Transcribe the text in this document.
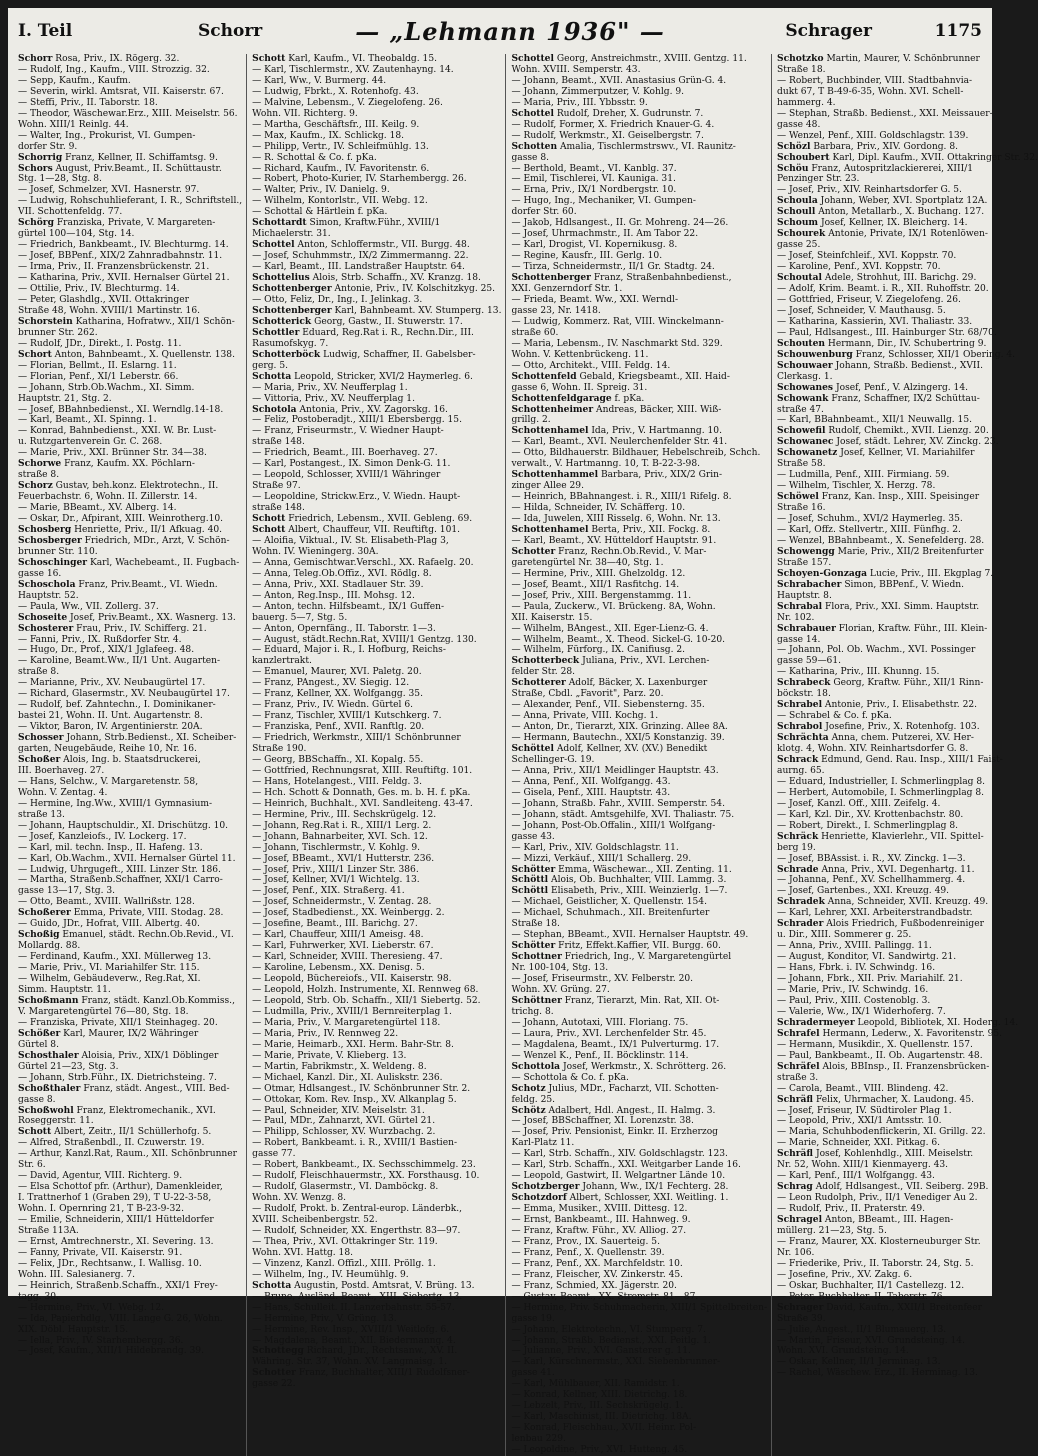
I. Teil	Schorr	— „Lehmann 1936" —	Schrager	1175
Schorr Rosa, Priv., IX. Rögerg. 32.
— Rudolf, Ing., Kaufm., VIII. Strozzig. 32.
— Sepp, Kaufm., Kaufm.
— Severin, wirkl. Amtsrat, VII. Kaiserstr. 67.
— Steffi, Priv., II. Taborstr. 18.
— Theodor, Wäschewar.Erz., XIII. Meiselstr. 56.
Wohn. XIII/1 Reinlg. 44.
— Walter, Ing., Prokurist, VI. Gumpen-
dorfer Str. 9.
Schorrig Franz, Kellner, II. Schiffamtsg. 9.
Schors August, Priv.Beamt., II. Schüttaustr.
Stg. 1—28, Stg. 8.
— Josef, Schmelzer, XVI. Hasnerstr. 97.
— Ludwig, Rohschuhlieferant, I. R., Schriftstell.,
VII. Schottenfeldg. 77.
Schörg Franziska, Private, V. Margareten-
gürtel 100—104, Stg. 14.
— Friedrich, Bankbeamt., IV. Blechturmg. 14.
— Josef, BBPenf., XIX/2 Zahnradbahnstr. 11.
— Irma, Priv., II. Franzensbrückenstr. 21.
— Katharina, Priv., XVII. Hernalser Gürtel 21.
— Ottilie, Priv., IV. Blechturmg. 14.
— Peter, Glashdlg., XVII. Ottakringer
Straße 48, Wohn. XVIII/1 Martinstr. 16.
Schorstein Katharina, Hofratwv., XII/1 Schön-
brunner Str. 262.
— Rudolf, JDr., Direkt., I. Postg. 11.
Schort Anton, Bahnbeamt., X. Quellenstr. 138.
— Florian, Bellmt., II. Eslarng. 11.
— Florian, Penf., XI/1 Leberstr. 66.
— Johann, Strb.Ob.Wachm., XI. Simm.
Hauptstr. 21, Stg. 2.
— Josef, BBahnbedienst., XI. Werndlg.14-18.
— Karl, Beamt., XI. Spinng. 1.
— Konrad, Bahnbedienst., XXI. W. Br. Lust-
u. Rutzgartenverein Gr. C. 268.
— Marie, Priv., XXI. Brünner Str. 34—38.
Schorwe Franz, Kaufm. XX. Pöchlarn-
straße 8.
Schorz Gustav, beh.konz. Elektrotechn., II.
Feuerbachstr. 6, Wohn. II. Zillerstr. 14.
— Marie, BBeamt., XV. Alberg. 14.
— Oskar, Dr., Afpirant, XIII. Weinrotherg.10.
Schosberg Henriette, Priv., II/1 Afkuag. 40.
Schosberger Friedrich, MDr., Arzt, V. Schön-
brunner Str. 110.
Schoschinger Karl, Wachebeamt., II. Fugbach-
gasse 16.
Schoschola Franz, Priv.Beamt., VI. Wiedn.
Hauptstr. 52.
— Paula, Ww., VII. Zollerg. 37.
Schoseite Josef, Priv.Beamt., XX. Wasnerg. 13.
Schosterer Frau, Priv., IV. Schifferg. 21.
— Fanni, Priv., IX. Rußdorfer Str. 4.
— Hugo, Dr., Prof., XIX/1 Jglafeeg. 48.
— Karoline, Beamt.Ww., II/1 Unt. Augarten-
straße 8.
— Marianne, Priv., XV. Neubaugürtel 17.
— Richard, Glasermstr., XV. Neubaugürtel 17.
— Rudolf, bef. Zahntechn., I. Dominikaner-
bastei 21, Wohn. II. Unt. Augartenstr. 8.
— Viktor, Baron, IV. Argentinierstr. 20A.
Schosser Johann, Strb.Bedienst., XI. Scheiber-
garten, Neugebäude, Reihe 10, Nr. 16.
Schoßer Alois, Ing. b. Staatsdruckerei,
III. Boerhaveg. 27.
— Hans, Selchw., V. Margaretenstr. 58,
Wohn. V. Zentag. 4.
— Hermine, Ing.Ww., XVIII/1 Gymnasium-
straße 13.
— Johann, Hauptschuldir., XI. Drischützg. 10.
— Josef, Kanzleiofs., IV. Lockerg. 17.
— Karl, mil. techn. Insp., II. Hafeng. 13.
— Karl, Ob.Wachm., XVII. Hernalser Gürtel 11.
— Ludwig, Uhrgugeft., XIII. Linzer Str. 186.
— Martha, Straßenb.Schaffner, XXI/1 Carro-
gasse 13—17, Stg. 3.
— Otto, Beamt., XVIII. Wallrißstr. 128.
Schoßerer Emma, Private, VIII. Stodag. 28.
— Guido, JDr., Hofrat, VIII. Albertg. 40.
Schoßig Emanuel, städt. Rechn.Ob.Revid., VI.
Mollardg. 88.
— Ferdinand, Kaufm., XXI. Müllerweg 13.
— Marie, Priv., VI. Mariahilfer Str. 115.
— Wilhelm, Gebäudeverw., Reg.Rat, XI.
Simm. Hauptstr. 11.
Schoßmann Franz, städt. Kanzl.Ob.Kommiss.,
V. Margaretengürtel 76—80, Stg. 18.
— Franziska, Private, XII/1 Steinhageg. 20.
Schößer Karl, Maurer, IX/2 Währinger
Gürtel 8.
Schosthaler Aloisia, Priv., XIX/1 Döblinger
Gürtel 21—23, Stg. 3.
— Johann, Strb.Führ., IX. Dietrichsteing. 7.
Schoßthaler Franz, städt. Angest., VIII. Bed-
gasse 8.
Schoßwohl Franz, Elektromechanik., XVI.
Roseggerstr. 11.
Schott Albert, Zeitr., II/1 Schüllerhofg. 5.
— Alfred, Straßenbdl., II. Czuwerstr. 19.
— Arthur, Kanzl.Rat, Raum., XII. Schönbrunner
Str. 6.
— David, Agentur, VIII. Richterg. 9.
— Elsa Schottof pfr. (Arthur), Damenkleider,
I. Trattnerhof 1 (Graben 29), T U-22-3-58,
Wohn. I. Opernring 21, T B-23-9-32.
— Emilie, Schneiderin, XIII/1 Hütteldorfer
Straße 113A.
— Ernst, Amtrechnerstr., XI. Severing. 13.
— Fanny, Private, VII. Kaiserstr. 91.
— Felix, JDr., Rechtsanw., I. Wallisg. 10.
Wohn. III. Salesianerg. 7.
— Heinrich, Straßenb.Schaffn., XXI/1 Frey-
tagg. 30.
— Hermine, Priv., VI. Webg. 12.
— Ida, Papierhdlg., VIII. Lange G. 26, Wohn.
XIX. Döbl. Hauptstr. 15.
— Iella, Priv., IV. Starhembergg. 36.
— Josef, Kaufm., XIII/1 Hildebrandg. 39.
Schott Karl, Kaufm., VI. Theobaldg. 15.
— Karl, Tischlermstr., XV. Zautenhayng. 14.
— Karl, Ww., V. Burmerg. 44.
— Ludwig, Fbrkt., X. Rotenhofg. 43.
— Malvine, Lebensm., V. Ziegelofeng. 26.
Wohn. VII. Richterg. 9.
— Martha, Geschäftsfr., III. Keilg. 9.
— Max, Kaufm., IX. Schlickg. 18.
— Philipp, Vertr., IV. Schleifmühlg. 13.
— R. Schottal & Co. f. pKa.
— Richard, Kaufm., IV. Favoritenstr. 6.
— Robert, Photo-Kurier, IV. Starhembergg. 26.
— Walter, Priv., IV. Danielg. 9.
— Wilhelm, Kontorlstr., VII. Webg. 12.
— Schottal & Härtlein f. pKa.
Schottardt Simon, Kraftw.Führ., XVIII/1
Michaelerstr. 31.
Schottel Anton, Schloffermstr., VII. Burgg. 48.
— Josef, Schuhmmstr., IX/2 Zimmermanng. 22.
— Karl, Beamt., III. Landstraßer Hauptstr. 64.
Schottelius Alois, Strb. Schaffn., XV. Kranzg. 18.
Schottenberger Antonie, Priv., IV. Kolschitzkyg. 25.
— Otto, Feliz, Dr., Ing., I. Jelinkag. 3.
Schottenberger Karl, Bahnbeamt. XV. Stumperg. 13.
Schotterick Georg, Gastw., II. Stuwerstr. 17.
Schottler Eduard, Reg.Rat i. R., Rechn.Dir., III.
Rasumofskyg. 7.
Schotterböck Ludwig, Schaffner, II. Gabelsber-
gerg. 5.
Schotta Leopold, Stricker, XVI/2 Haymerleg. 6.
— Maria, Priv., XV. Neufferplag 1.
— Vittoria, Priv., XV. Neufferplag 1.
Schotola Antonia, Priv., XV. Zagorskg. 16.
— Feliz, Postoberadjt., XIII/1 Ebersbergg. 15.
— Franz, Friseurmstr., V. Wiedner Haupt-
straße 148.
— Friedrich, Beamt., III. Boerhaveg. 27.
— Karl, Postangest., IX. Simon Denk-G. 11.
— Leopold, Schlosser, XVIII/1 Währinger
Straße 97.
— Leopoldine, Strickw.Erz., V. Wiedn. Haupt-
straße 148.
Schott Friedrich, Lebensm., XVII. Gebleng. 69.
Schott Albert, Chauffeur, VII. Reuftiftg. 101.
— Aloifia, Viktual., IV. St. Elisabeth-Plag 3,
Wohn. IV. Wieningerg. 30A.
— Anna, Gemischtwar.Verschl., XX. Rafaelg. 20.
— Anna, Teleg.Ob.Offiz., XVI. Rödlg. 8.
— Anna, Priv., XXI. Stadlauer Str. 39.
— Anton, Reg.Insp., III. Mohsg. 12.
— Anton, techn. Hilfsbeamt., IX/1 Guffen-
bauerg. 5—7, Stg. 5.
— Anton, Opernfäng., II. Taborstr. 1—3.
— August, städt.Rechn.Rat, XVIII/1 Gentzg. 130.
— Eduard, Major i. R., I. Hofburg, Reichs-
kanzlertrakt.
— Emanuel, Maurer, XVI. Paletg. 20.
— Franz, PAngest., XV. Siegig. 12.
— Franz, Kellner, XX. Wolfgangg. 35.
— Franz, Priv., IV. Wiedn. Gürtel 6.
— Franz, Tischler, XVIII/1 Kutschkerg. 7.
— Franziska, Penf., XVII. Ranftlg. 20.
— Friedrich, Werkmstr., XIII/1 Schönbrunner
Straße 190.
— Georg, BBSchaffn., XI. Kopalg. 55.
— Gottfried, Rechnungsrat, XIII. Reuftiftg. 101.
— Hans, Hotelangest., VIII. Feldg. 3.
— Hch. Schott & Donnath, Ges. m. b. H. f. pKa.
— Heinrich, Buchhalt., XVI. Sandleiteng. 43-47.
— Hermine, Priv., III. Sechskrügelg. 12.
— Johann, Reg.Rat i. R., XIII/1 Lerg. 2.
— Johann, Bahnarbeiter, XVI. Sch. 12.
— Johann, Tischlermstr., V. Kohlg. 9.
— Josef, BBeamt., XVI/1 Hutterstr. 236.
— Josef, Priv., XIII/1 Linzer Str. 386.
— Josef, Kellner, XVI/1 Wichtelg. 13.
— Josef, Penf., XIX. Straßerg. 41.
— Josef, Schneidermstr., V. Zentag. 28.
— Josef, Stadbedienst., XX. Weinbergg. 2.
— Josefine, Beamt., III. Barichg. 27.
— Karl, Chauffeur, XIII/1 Ameisg. 48.
— Karl, Fuhrwerker, XVI. Lieberstr. 67.
— Karl, Schneider, XVIII. Theresieng. 47.
— Karoline, Lebensm., XX. Denisg. 5.
— Leopold, Büchereiofs., VII. Kaiserstr. 98.
— Leopold, Holzh. Instrumente, XI. Rennweg 68.
— Leopold, Strb. Ob. Schaffn., XII/1 Siebertg. 52.
— Ludmilla, Priv., XVIII/1 Bernreiterplag 1.
— Maria, Priv., V. Margaretengürtel 118.
— Maria, Priv., IV. Rennweg 22.
— Marie, Heimarb., XXI. Herm. Bahr-Str. 8.
— Marie, Private, V. Klieberg. 13.
— Martin, Fabrikmstr., X. Weldeng. 8.
— Michael, Kanzl. Dir., XI. Auliskstr. 236.
— Otmar, Hdlsangest., IV. Schönbrunner Str. 2.
— Ottokar, Kom. Rev. Insp., XV. Alkanplag 5.
— Paul, Schneider, XIV. Meiselstr. 31.
— Paul, MDr., Zahnarzt, XVI. Gürtel 21.
— Philipp, Schlosser, XV. Wurzbachg. 2.
— Robert, Bankbeamt. i. R., XVIII/1 Bastien-
gasse 77.
— Robert, Bankbeamt., IX. Sechsschimmelg. 23.
— Rudolf, Fleischhauermstr., XX. Forsthausg. 10.
— Rudolf, Glasermstr., VI. Damböckg. 8.
Wohn. XV. Wenzg. 8.
— Rudolf, Prokt. b. Zentral-europ. Länderbk.,
XVIII. Scheibenbergstr. 52.
— Rudolf, Schneider, XX. Engerthstr. 83—97.
— Thea, Priv., XVI. Ottakringer Str. 119.
Wohn. XVI. Hattg. 18.
— Vinzenz, Kanzl. Offizl., XIII. Pröllg. 1.
— Wilhelm, Ing., IV. Heumühlg. 9.
Schotta Augustin, Postd. Amtsrat, V. Brüng. 13.
— Bruno, Ausländ. Beamt., XIII. Siebertg. 13.
— Hans, Schulleit. II. Lanzerbahnstr. 55-57.
— Hermine, Priv., V. Grüng. 13.
— Hermine, Rev. Insp., XVIII/1 Weitlofg. 6.
— Magdalena, Beamt., XII. Biedermanng. 4.
Schottegg Richard, JDr., Rechtsanw., XV. II.
Währing. Str. 37, Wohn. XV. Langmaisg. 1.
Schotter Franz, Buchhalter, XIII/1 Rudolfsner-
gasse 22.
Schottel Georg, Anstreichmstr., XVIII. Gentzg. 11.
Wohn. XVIII. Semperstr. 43.
— Johann, Beamt., XVII. Anastasius Grün-G. 4.
— Johann, Zimmerputzer, V. Kohlg. 9.
— Maria, Priv., III. Ybbsstr. 9.
Schottel Rudolf, Dreher, X. Gudrunstr. 7.
— Rudolf, Former, X. Friedrich Knauer-G. 4.
— Rudolf, Werkmstr., XI. Geiselbergstr. 7.
Schotten Amalia, Tischlermstrswv., VI. Raunitz-
gasse 8.
— Berthold, Beamt., VI. Kanblg. 37.
— Emil, Tischlerei, VI. Kauniga. 31.
— Erna, Priv., IX/1 Nordbergstr. 10.
— Hugo, Ing., Mechaniker, VI. Gumpen-
dorfer Str. 60.
— Jakob, Hdlsangest., II. Gr. Mohreng. 24—26.
— Josef, Uhrmachmstr., II. Am Tabor 22.
— Karl, Drogist, VI. Kopernikusg. 8.
— Regine, Kausfr., III. Gerlg. 10.
— Tirza, Schneidermstr., II/1 Gr. Stadtg. 24.
Schottenberger Franz, Straßenbahnbedienst.,
XXI. Genzerndorf Str. 1.
— Frieda, Beamt. Ww., XXI. Werndl-
gasse 23, Nr. 1418.
— Ludwig, Kommerz. Rat, VIII. Winckelmann-
straße 60.
— Maria, Lebensm., IV. Naschmarkt Std. 329.
Wohn. V. Kettenbrückeng. 11.
— Otto, Architekt., VIII. Feldg. 14.
Schottenfeld Gebald, Kriegsbeamt., XII. Haid-
gasse 6, Wohn. II. Spreig. 31.
Schottenfeldgarage f. pKa.
Schottenheimer Andreas, Bäcker, XIII. Wiß-
grillg. 2.
Schottenhamel Ida, Priv., V. Hartmanng. 10.
— Karl, Beamt., XVI. Neulerchenfelder Str. 41.
— Otto, Bildhauerstr. Bildhauer, Hebelschreib, Schch.
verwalt., V. Hartmanng. 10, T. B-22-3-98.
Schottenhammel Barbara, Priv., XIX/2 Grin-
zinger Allee 29.
— Heinrich, BBahnangest. i. R., XIII/1 Rifelg. 8.
— Hilda, Schneider, IV. Schäfferg. 10.
— Ida, Juwelen, XIII Risselg. 6, Wohn. Nr. 13.
Schottenhamel Berta, Priv., XII. Fockg. 8.
— Karl, Beamt., XV. Hütteldorf Hauptstr. 91.
Schotter Franz, Rechn.Ob.Revid., V. Mar-
garetengürtel Nr. 38—40, Stg. 1.
— Hermine, Priv., XIII. Ghelzoldg. 12.
— Josef, Beamt., XII/1 Rasfitchg. 14.
— Josef, Priv., XIII. Bergenstammg. 11.
— Paula, Zuckerw., VI. Brückeng. 8A, Wohn.
XII. Kaiserstr. 15.
— Wilhelm, BAngest., XII. Eger-Lienz-G. 4.
— Wilhelm, Beamt., X. Theod. Sickel-G. 10-20.
— Wilhelm, Fürforg., IX. Canifiusg. 2.
Schotterbeck Juliana, Priv., XVI. Lerchen-
felder Str. 28.
Schotterer Adolf, Bäcker, X. Laxenburger
Straße, Cbdl. „Favorit", Parz. 20.
— Alexander, Penf., VII. Siebensterng. 35.
— Anna, Private, VIII. Kochg. 1.
— Anton, Dr., Tierarzt, XIX. Grinzing. Allee 8A.
— Hermann, Bautechn., XXI/5 Konstanzig. 39.
Schöttel Adolf, Kellner, XV. (XV.) Benedikt
Schellinger-G. 19.
— Anna, Priv., XII/1 Meidlinger Hauptstr. 43.
— Anna, Penf., XII. Wolfgangg. 43.
— Gisela, Penf., XIII. Hauptstr. 43.
— Johann, Straßb. Fahr., XVIII. Semperstr. 54.
— Johann, städt. Amtsgehilfe, XVI. Thaliastr. 75.
— Johann, Post-Ob.Offalin., XIII/1 Wolfgang-
gasse 43.
— Karl, Priv., XIV. Goldschlagstr. 11.
— Mizzi, Verkäuf., XIII/1 Schallerg. 29.
Schötter Emma, Wäschewar.., XII. Zenting. 11.
Schöttl Alois, Ob. Buchhalter, VIII. Lammg. 3.
Schöttl Elisabeth, Priv., XIII. Weinzierlg. 1—7.
— Michael, Geistlicher, X. Quellenstr. 154.
— Michael, Schuhmach., XII. Breitenfurter
Straße 18.
— Stephan, BBeamt., XVII. Hernalser Hauptstr. 49.
Schötter Fritz, Effekt.Kaffier, VII. Burgg. 60.
Schottner Friedrich, Ing., V. Margaretengürtel
Nr. 100-104, Stg. 13.
— Josef, Friseurmstr., XV. Felberstr. 20.
Wohn. XV. Grüng. 27.
Schöttner Franz, Tierarzt, Min. Rat, XII. Ot-
trichg. 8.
— Johann, Autotaxi, VIII. Floriang. 75.
— Laura, Priv., XVI. Lerchenfelder Str. 45.
— Magdalena, Beamt., IX/1 Pulverturmg. 17.
— Wenzel K., Penf., II. Böcklinstr. 114.
Schottola Josef, Werkmstr., X. Schrötterg. 26.
— Schottola & Co. f. pKa.
Schotz Julius, MDr., Facharzt, VII. Schotten-
feldg. 25.
Schötz Adalbert, Hdl. Angest., II. Halmg. 3.
— Josef, BBSchaffner, XI. Lorenzstr. 38.
— Josef, Priv. Pensionist, Einkr. II. Erzherzog
Karl-Platz 11.
— Karl, Strb. Schaffn., XIV. Goldschlagstr. 123.
— Karl, Strb. Schaffn., XXI. Weitgarber Lande 16.
— Leopold, Gastwirt, II. Welgartner Lände 10.
Schotzberger Johann, Ww., IX/1 Fechterg. 28.
Schotzdorf Albert, Schlosser, XXI. Weitling. 1.
— Emma, Musiker., XVIII. Dittesg. 12.
— Ernst, Bankbeamt., III. Hahnweg. 9.
— Franz, Kraftw. Führ., XV. Alliog. 27.
— Franz, Prov., IX. Sauerteig. 5.
— Franz, Penf., X. Quellenstr. 39.
— Franz, Penf., XX. Marchfeldstr. 10.
— Franz, Fleischer, XV. Zinkerstr. 45.
— Franz, Schmied, XX. Jägerstr. 20.
— Gustav, Beamt., XX. Stromstr. 81—87.
— Hermine, Priv. Schuhmacherin, XIII/1 Spittelbreiten-
gasse 19.
— Johann, Elektrotechn., VI. Stumperg. 7.
— Johann, Straßb. Bedienst., XXI. Peitlg. 1.
— Julianne, Priv., XVI. Gansterer g. 11.
— Karl, Kürschnermstr., XXI. Siebenbrunner-
gasse 41.
— Karl, Mühlbauer, XII. Ramidstr. 1.
— Konrad, Kellner, XIII. Dietrichg. 18.
— Lebzelt, Priv., III. Sechskrügelg. 1.
— Karl, Maschinist, III. Dietrichg. 18A.
— Konrad, Fleischhau., XVII. Heinr. Pol-
lenbau 229.
— Leopoldine, Priv., XVI. Hutteng. 45.
Schotzko Martin, Maurer, V. Schönbrunner
Straße 18.
— Robert, Buchbinder, VIII. Stadtbahnvia-
dukt 67, T B-49-6-35, Wohn. XVI. Schell-
hammerg. 4.
— Stephan, Straßb. Bedienst., XXI. Meissauer-
gasse 48.
— Wenzel, Penf., XIII. Goldschlagstr. 139.
Schözl Barbara, Priv., XIV. Gordong. 8.
Schoubert Karl, Dipl. Kaufm., XVII. Ottakringer Str. 32.
Schöu Franz, Autospritzlackiererei, XIII/1
Penzinger Str. 23.
— Josef, Priv., XIV. Reinhartsdorfer G. 5.
Schoula Johann, Weber, XVI. Sportplatz 12A.
Schoull Anton, Metallarb., X. Buchang. 127.
Schoum Josef, Kellner, IX. Bleicherg. 14.
Schourek Antonie, Private, IX/1 Rotenlöwen-
gasse 25.
— Josef, Steinfchleif., XVI. Koppstr. 70.
— Karoline, Penf., XVI. Koppstr. 70.
Schoutal Adele, Strohhut, III. Barichg. 29.
— Adolf, Krim. Beamt. i. R., XII. Ruhoffstr. 20.
— Gottfried, Friseur, V. Ziegelofeng. 26.
— Josef, Schneider, V. Mauthausg. 5.
— Katharina, Kassierin, XVI. Thaliastr. 33.
— Paul, Hdlsangest., III. Hainburger Str. 68/70.
Schouten Hermann, Dir., IV. Schubertring 9.
Schouwenburg Franz, Schlosser, XII/1 Obering. 4.
Schouwaer Johann, Straßb. Bedienst., XVII.
Clerkasg. 1.
Schowanes Josef, Penf., V. Alzingerg. 14.
Schowank Franz, Schaffner, IX/2 Schüttau-
straße 47.
— Karl, BBahnbeamt., XII/1 Neuwallg. 15.
Schowefil Rudolf, Chemikt., XVII. Lienzg. 20.
Schowanec Josef, städt. Lehrer, XV. Zinckg. 23.
Schowanetz Josef, Kellner, VI. Mariahilfer
Straße 58.
— Ludmilla, Penf., XIII. Firmiang. 59.
— Wilhelm, Tischler, X. Herzg. 78.
Schöwel Franz, Kan. Insp., XIII. Speisinger
Straße 16.
— Josef, Schuhm., XVI/2 Haymerleg. 35.
— Karl, Offz. Stellvertr., XIII. Fünfhg. 2.
— Wenzel, BBahnbeamt., X. Senefelderg. 28.
Schowengg Marie, Priv., XII/2 Breitenfurter
Straße 157.
Schoyen-Gonzaga Lucie, Priv., III. Ekgplag 7.
Schrabacher Simon, BBPenf., V. Wiedn.
Hauptstr. 8.
Schrabal Flora, Priv., XXI. Simm. Hauptstr.
Nr. 102.
Schrabauer Florian, Kraftw. Führ., III. Klein-
gasse 14.
— Johann, Pol. Ob. Wachm., XVI. Possinger
gasse 59—61.
— Katharina, Priv., III. Khunng. 15.
Schrabeck Georg, Kraftw. Führ., XII/1 Rinn-
böckstr. 18.
Schrabel Antonie, Priv., I. Elisabethstr. 22.
— Schrabel & Co. f. pKa.
Schrabol Josefine, Priv., X. Rotenhofg. 103.
Schrächta Anna, chem. Putzerei, XV. Her-
klotg. 4, Wohn. XIV. Reinhartsdorfer G. 8.
Schrack Edmund, Gend. Rau. Insp., XIII/1 Faist-
aurng. 65.
— Eduard, Industrieller, I. Schmerlingplag 8.
— Herbert, Automobile, I. Schmerlingplag 8.
— Josef, Kanzl. Off., XIII. Zeifelg. 4.
— Karl, Kzl. Dir., XV. Krottenbachstr. 80.
— Robert, Direkt., I. Schmerlingplag 8.
Schräck Henriette, Klavierlehr., VII. Spittel-
berg 19.
— Josef, BBAssist. i. R., XV. Zinckg. 1—3.
Schrade Anna, Priv., XVI. Degenhartg. 11.
— Johanna, Penf., XV. Schellhammerg. 4.
— Josef, Gartenbes., XXI. Kreuzg. 49.
Schradek Anna, Schneider, XVII. Kreuzg. 49.
— Karl, Lehrer, XXI. Arbeiterstrandbadstr.
Schrader Alois Friedrich, Fußbodenreiniger
u. Dir., XIII. Sommerer g. 25.
— Anna, Priv., XVIII. Pallingg. 11.
— August, Konditor, VI. Sandwirtg. 21.
— Hans, Fbrk. i. IV. Schwindg. 16.
— Johann, Fbrk., XII. Priv. Mariahilf. 21.
— Marie, Priv., IV. Schwindg. 16.
— Paul, Priv., XIII. Costenoblg. 3.
— Valerie, Ww., IX/1 Widerhoferg. 7.
Schradermeyer Leopold, Bibliotek, XI. Hoderg. 14.
Schrafel Hermann, Lederw., X. Favoritenstr. 95.
— Hermann, Musikdir., X. Quellenstr. 157.
— Paul, Bankbeamt., II. Ob. Augartenstr. 48.
Schräfel Alois, BBInsp., II. Franzensbrücken-
straße 3.
— Carola, Beamt., VIII. Blindeng. 42.
Schräfl Felix, Uhrmacher, X. Laudong. 45.
— Josef, Friseur, IV. Südtiroler Plag 1.
— Leopold, Priv., XXI/1 Amtsstr. 10.
— Maria, Schuhbodenflickerin, XI. Grillg. 22.
— Marie, Schneider, XXI. Pitkag. 6.
Schräfl Josef, Kohlenhdlg., XIII. Meiselstr.
Nr. 52, Wohn. XIII/1 Kienmayerg. 43.
— Karl, Penf., III/1 Wolfgangg. 43.
Schrag Adolf, Hdlsangest., VII. Seiberg. 29B.
— Leon Rudolph, Priv., II/1 Venediger Au 2.
— Rudolf, Priv., II. Praterstr. 49.
Schragel Anton, BBeamt., III. Hagen-
müllerg. 21—23, Stg. 5.
— Franz, Maurer, XX. Klosterneuburger Str.
Nr. 106.
— Friederike, Priv., II. Taborstr. 24, Stg. 5.
— Josefine, Priv., XV. Zakg. 6.
— Oskar, Buchhalter, II/1 Castellezg. 12.
— Peter, Buchhalter, II. Taborstr. 76.
Schrager David, Kaufm., XXII/1 Breitenfeer
Straße 39.
— Julie, Angest., II/1 Blumauerg. 13.
— Martin, Friseur, XVI. Grundsteing. 14.
Wohn. XVI. Grundsteing. 14.
— Oskar, Kellner, II/1 Jerminag. 13.
— Rachel, Wäschew. Erz., II. Herminag. 13.
